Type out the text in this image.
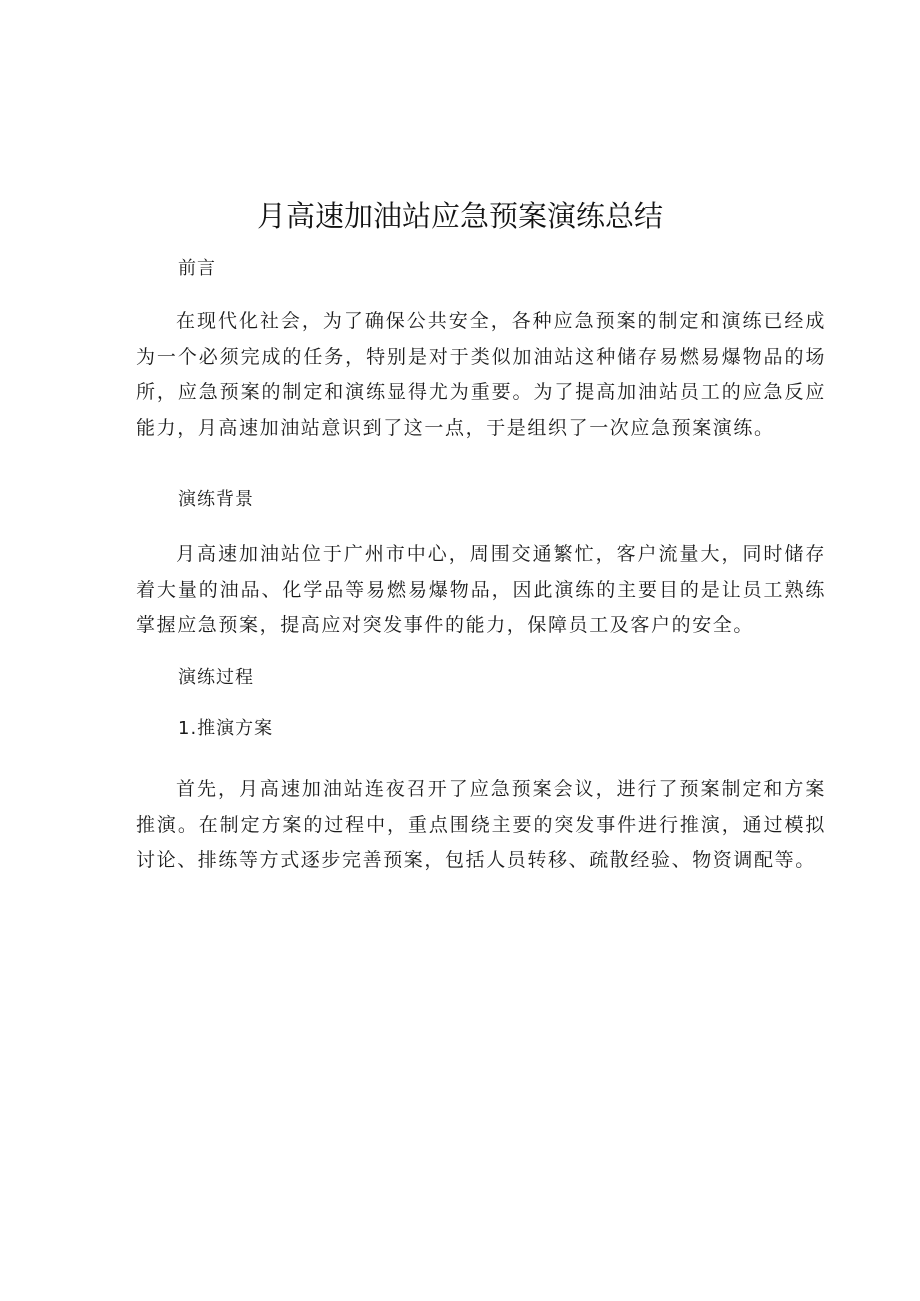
月高速加油站应急预案演练总结
前言

在现代化社会，为了确保公共安全，各种应急预案的制定和演练已经成为一个必须完成的任务，特别是对于类似加油站这种储存易燃易爆物品的场所，应急预案的制定和演练显得尤为重要。为了提高加油站员工的应急反应能力，月高速加油站意识到了这一点，于是组织了一次应急预案演练。

演练背景

月高速加油站位于广州市中心，周围交通繁忙，客户流量大，同时储存着大量的油品、化学品等易燃易爆物品，因此演练的主要目的是让员工熟练掌握应急预案，提高应对突发事件的能力，保障员工及客户的安全。

演练过程
1.推演方案

首先，月高速加油站连夜召开了应急预案会议，进行了预案制定和方案推演。在制定方案的过程中，重点围绕主要的突发事件进行推演，通过模拟讨论、排练等方式逐步完善预案，包括人员转移、疏散经验、物资调配等。
